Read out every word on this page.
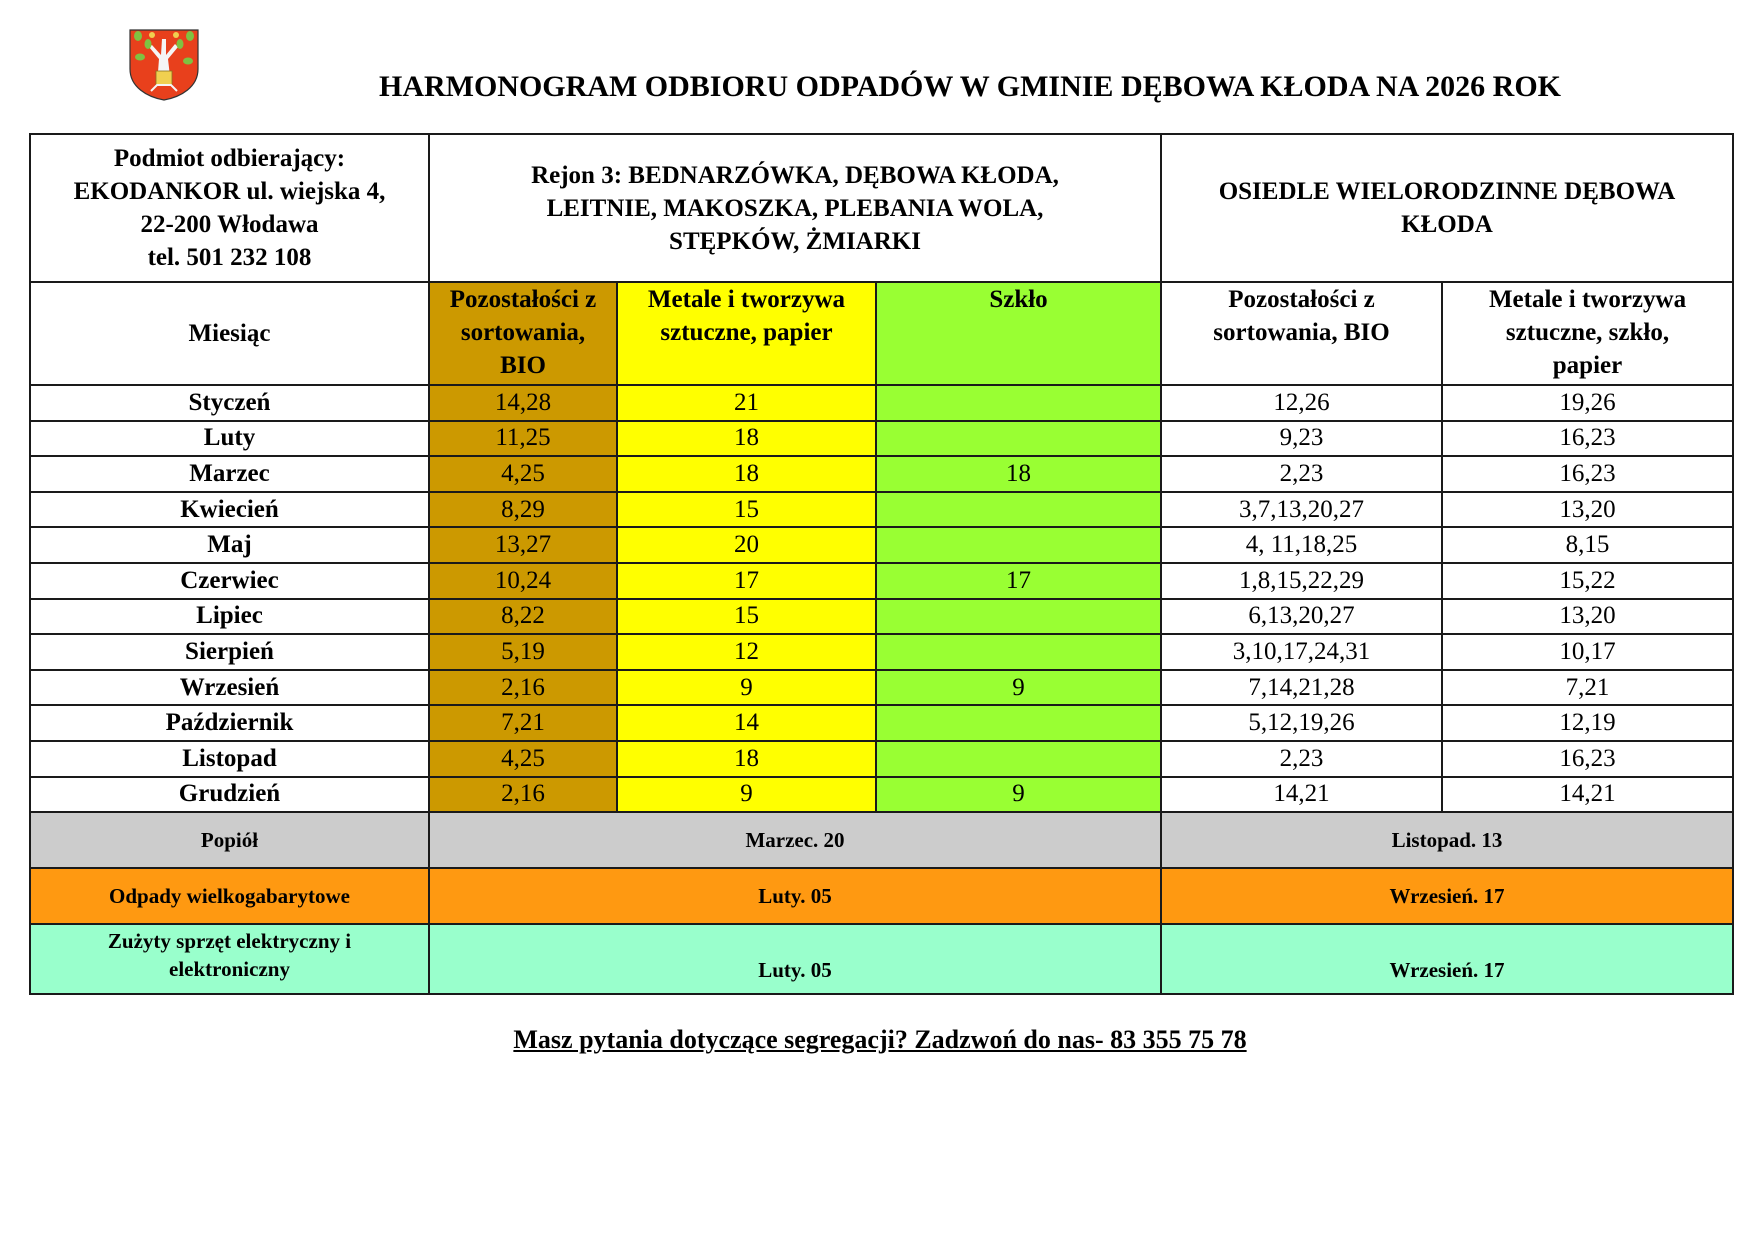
HARMONOGRAM ODBIORU ODPADÓW W GMINIE DĘBOWA KŁODA NA 2026 ROK
Podmiot odbierający:
EKODANKOR ul. wiejska 4,
22-200 Włodawa
tel. 501 232 108

Rejon 3: BEDNARZÓWKA, DĘBOWA KŁODA,
LEITNIE, MAKOSZKA, PLEBANIA WOLA,
STĘPKÓW, ŻMIARKI

OSIEDLE WIELORODZINNE DĘBOWA
KŁODA

Miesiąc	
Pozostałości z
sortowania,
BIO

Metale i tworzywa
sztuczne, papier
	Szkło	Pozostałości z
sortowania, BIO

Metale i tworzywa
sztuczne, szkło,
papier

Styczeń	14,28	21		12,26	19,26
Luty	11,25	18		9,23	16,23
Marzec	4,25	18	18	2,23	16,23
Kwiecień	8,29	15		3,7,13,20,27	13,20
Maj	13,27	20		4, 11,18,25	8,15
Czerwiec	10,24	17	17	1,8,15,22,29	15,22
Lipiec	8,22	15		6,13,20,27	13,20
Sierpień	5,19	12		3,10,17,24,31	10,17
Wrzesień	2,16	9	9	7,14,21,28	7,21
Październik	7,21	14		5,12,19,26	12,19
Listopad	4,25	18		2,23	16,23
Grudzień	2,16	9	9	14,21	14,21
Popiół	Marzec. 20			Listopad. 13	
Odpady wielkogabarytowe	Luty. 05			Wrzesień. 17	

Zużyty sprzęt elektryczny i
elektroniczny	Luty. 05			Wrzesień. 17	
Masz pytania dotyczące segregacji? Zadzwoń do nas- 83 355 75 78
